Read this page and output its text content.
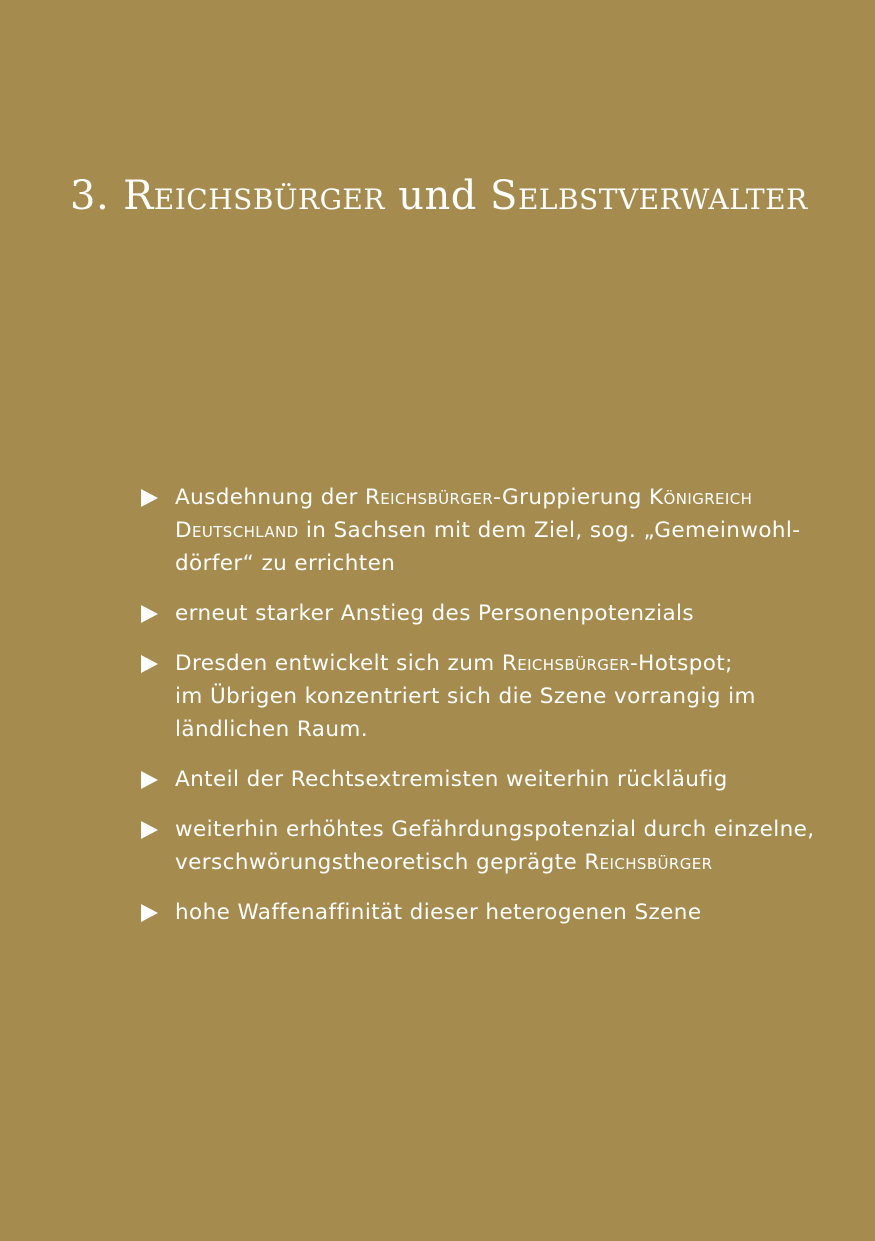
3. Reichsbürger und Selbstverwalter
Ausdehnung der Reichsbürger-Gruppierung Königreich
Deutschland in Sachsen mit dem Ziel, sog. „Gemeinwohl-
dörfer“ zu errichten
erneut starker Anstieg des Personenpotenzials
Dresden entwickelt sich zum Reichsbürger-Hotspot;
im Übrigen konzentriert sich die Szene vorrangig im
ländlichen Raum.
Anteil der Rechtsextremisten weiterhin rückläufig
weiterhin erhöhtes Gefährdungspotenzial durch einzelne,
verschwörungstheoretisch geprägte Reichsbürger
hohe Waffenaffinität dieser heterogenen Szene
